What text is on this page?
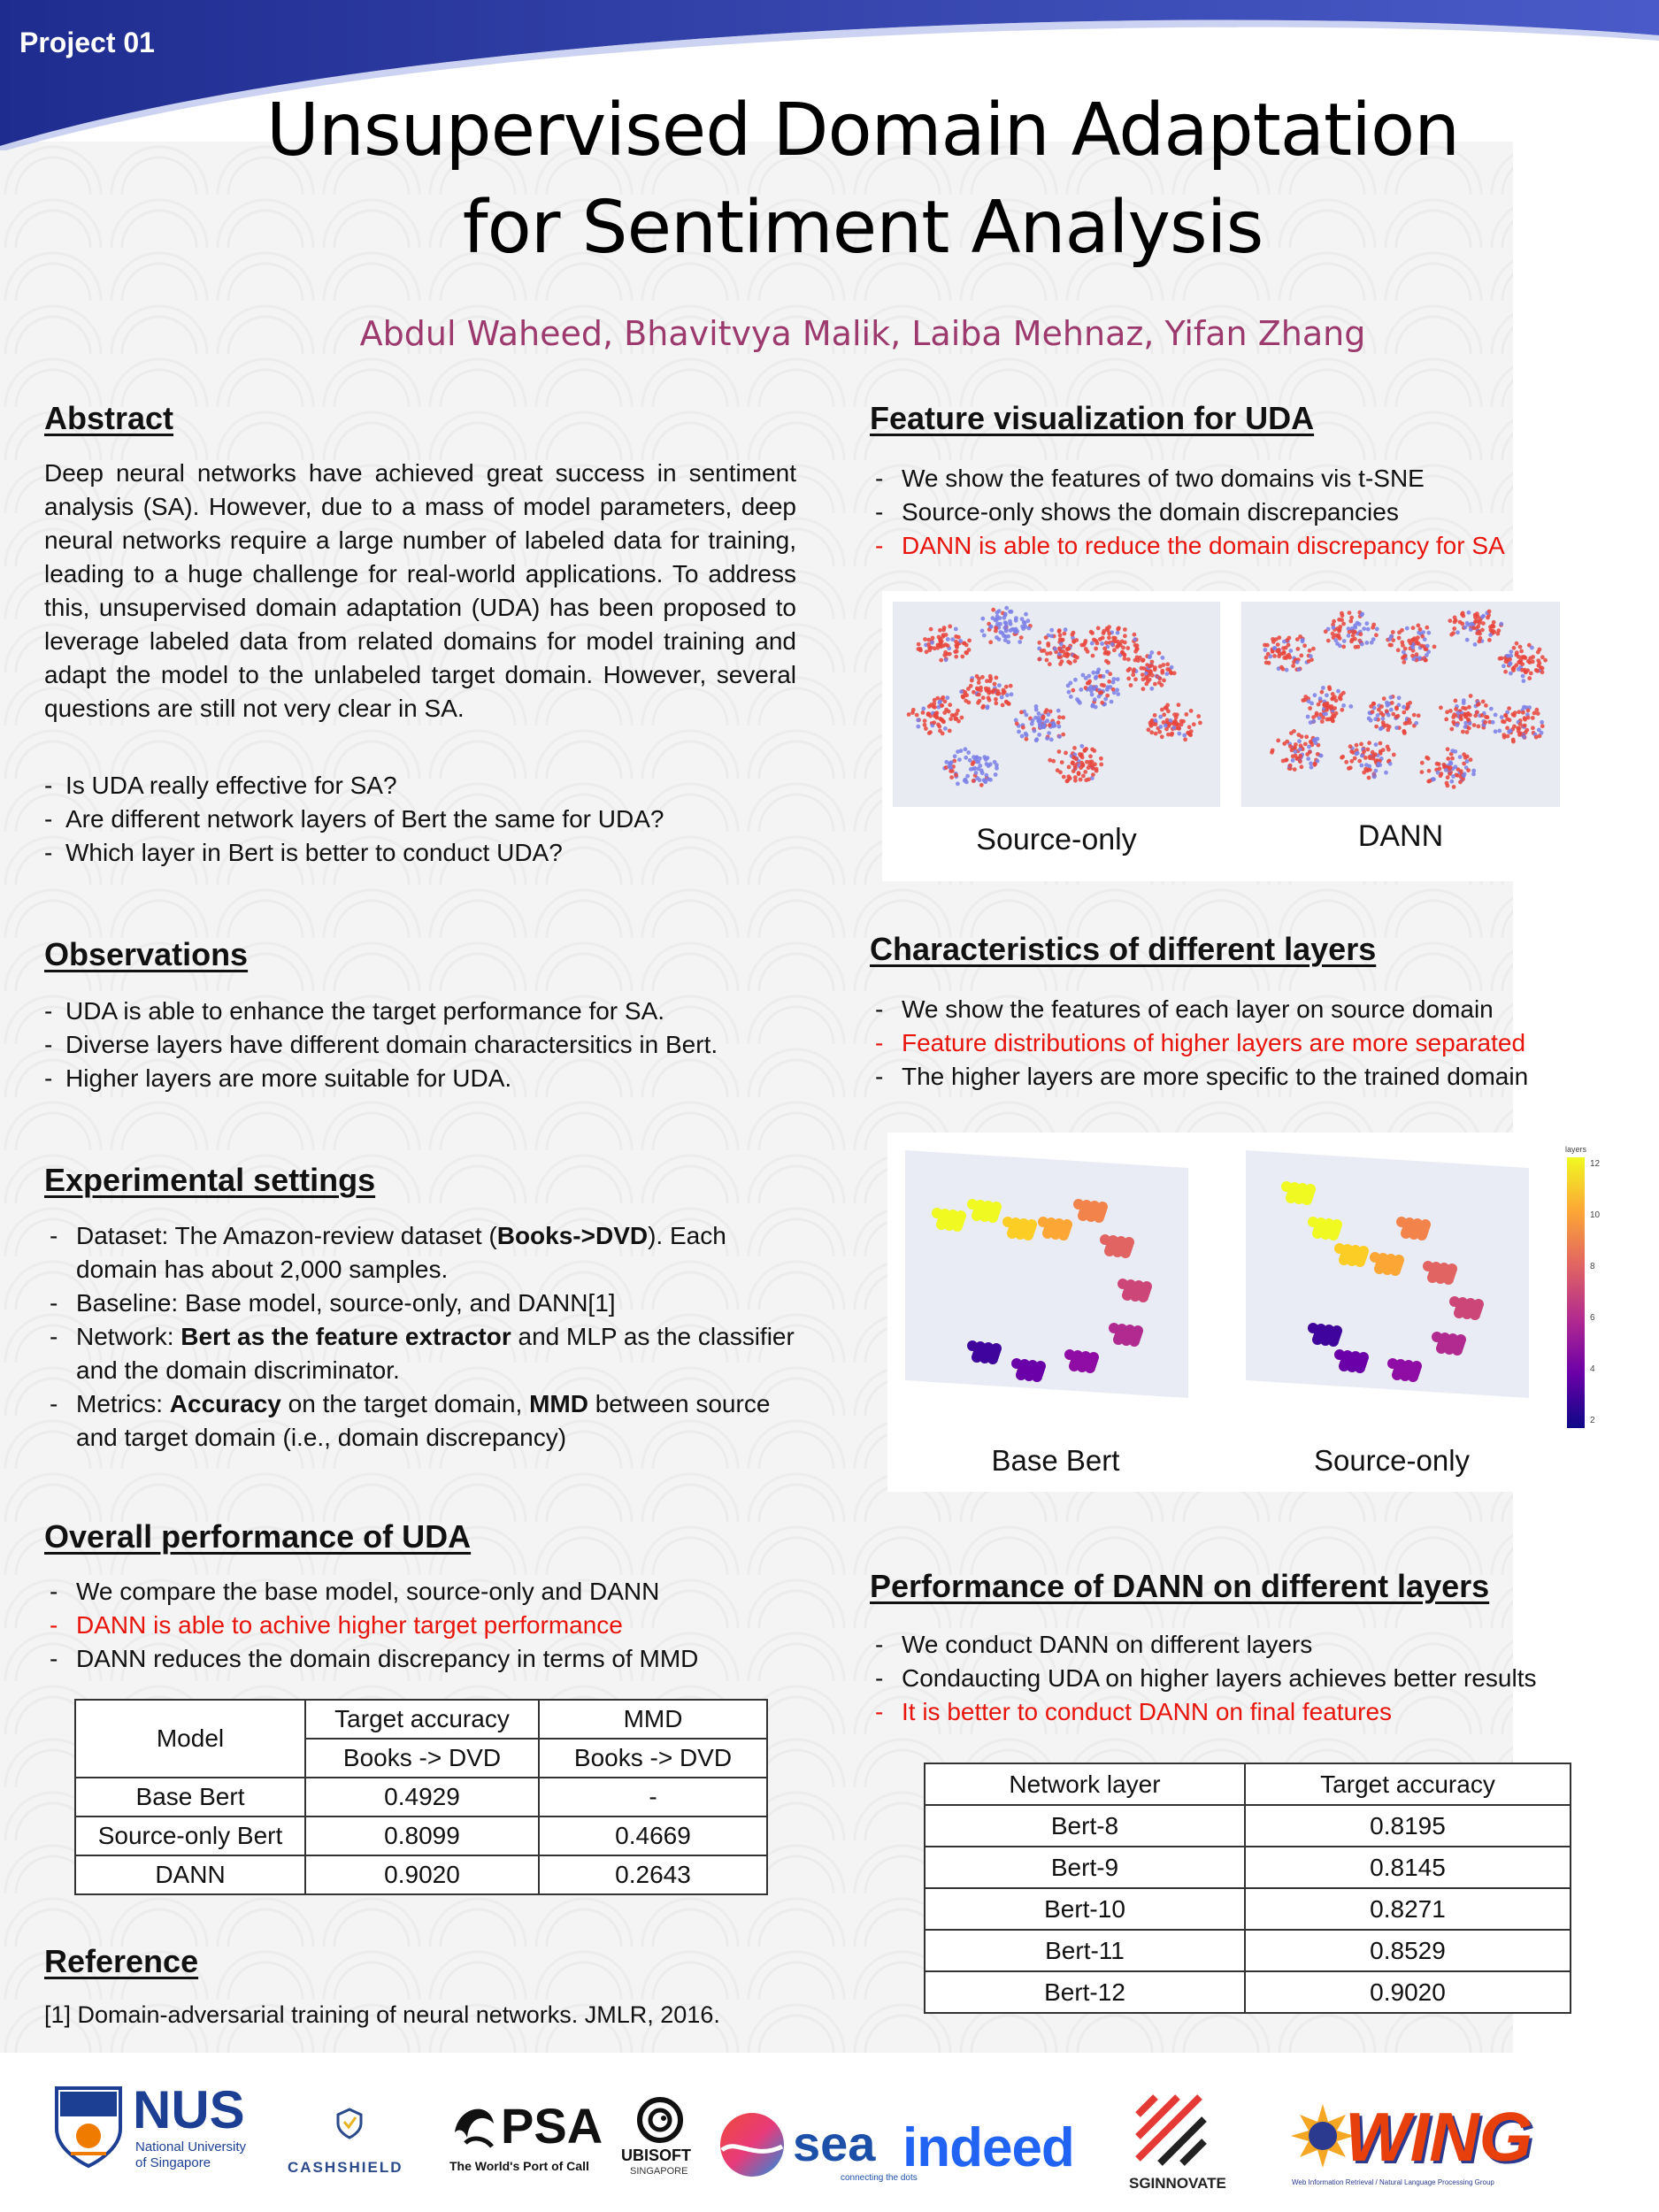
Project 01
Unsupervised Domain Adaptation
for Sentiment Analysis
Abdul Waheed, Bhavitvya Malik, Laiba Mehnaz, Yifan Zhang
Abstract
Deep neural networks have achieved great success in sentiment analysis (SA). However, due to a mass of model parameters, deep neural networks require a large number of labeled data for training, leading to a huge challenge for real-world applications. To address this, unsupervised domain adaptation (UDA) has been proposed to leverage labeled data from related domains for model training and adapt the model to the unlabeled target domain. However, several questions are still not very clear in SA.
- Is UDA really effective for SA?
- Are different network layers of Bert the same for UDA?
- Which layer in Bert is better to conduct UDA?
Observations
- UDA is able to enhance the target performance for SA.
- Diverse layers have different domain charactersitics in Bert.
- Higher layers are more suitable for UDA.
Experimental settings
- Dataset: The Amazon-review dataset (Books->DVD). Each domain has about 2,000 samples.
- Baseline: Base model, source-only, and DANN[1]
- Network: Bert as the feature extractor and MLP as the classifier and the domain discriminator.
- Metrics: Accuracy on the target domain, MMD between source and target domain (i.e., domain discrepancy)
Overall performance of UDA
- We compare the base model, source-only and DANN
- DANN is able to achive higher target performance
- DANN reduces the domain discrepancy in terms of MMD
Model	Target accuracy	MMD
	Books -> DVD	Books -> DVD
Base Bert	0.4929	-
Source-only Bert	0.8099	0.4669
DANN	0.9020	0.2643
Reference
[1] Domain-adversarial training of neural networks. JMLR, 2016.
Feature visualization for UDA
- We show the features of two domains vis t-SNE
- Source-only shows the domain discrepancies
- DANN is able to reduce the domain discrepancy for SA
Source-only	DANN
Characteristics of different layers
- We show the features of each layer on source domain
- Feature distributions of higher layers are more separated
- The higher layers are more specific to the trained domain
Base Bert	Source-only
layers
12
10
8
6
4
2
Performance of DANN on different layers
- We conduct DANN on different layers
- Condaucting UDA on higher layers achieves better results
- It is better to conduct DANN on final features
Network layer	Target accuracy
Bert-8	0.8195
Bert-9	0.8145
Bert-10	0.8271
Bert-11	0.8529
Bert-12	0.9020
NUS
National University
of Singapore	CASHSHIELD
PSA
The World's Port of Call
UBISOFT
SINGAPORE sea
connecting the dots
indeed
SGINNOVATE
WING
Web Information Retrieval / Natural Language Processing Group
